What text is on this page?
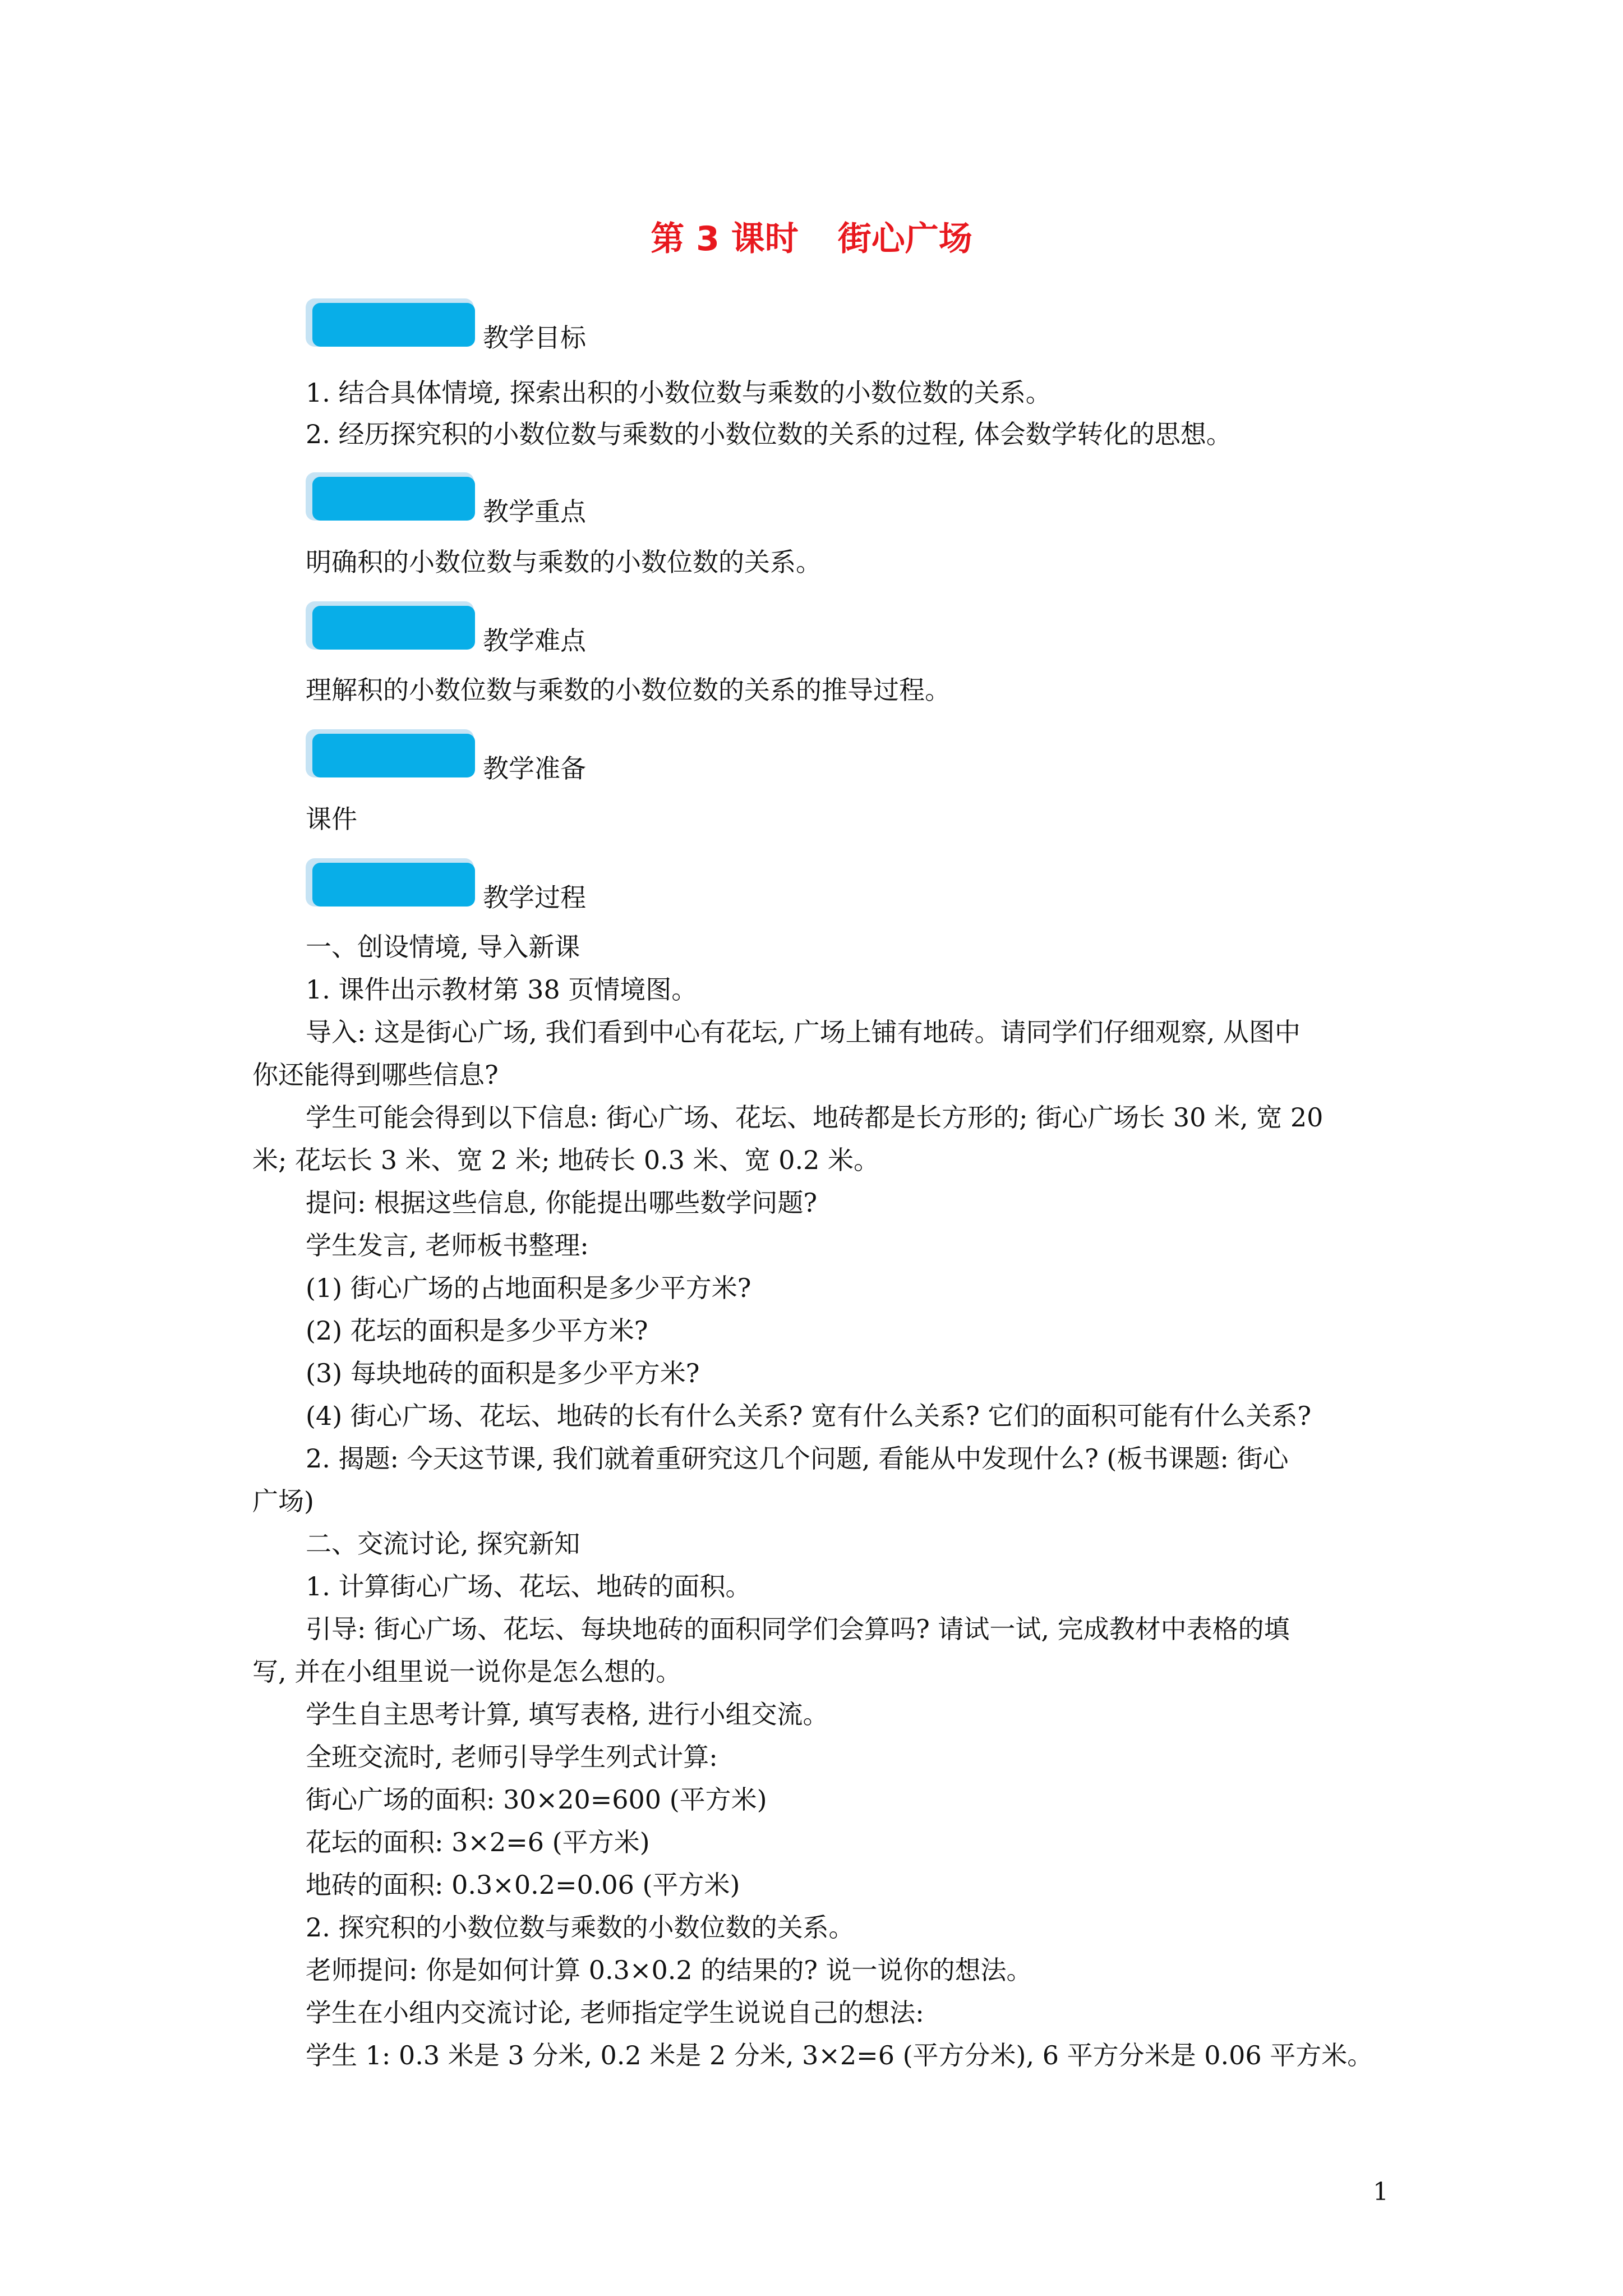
第 3 课时 街心广场
教学目标
1. 结合具体情境, 探索出积的小数位数与乘数的小数位数的关系。
2. 经历探究积的小数位数与乘数的小数位数的关系的过程, 体会数学转化的思想。
教学重点
明确积的小数位数与乘数的小数位数的关系。
教学难点
理解积的小数位数与乘数的小数位数的关系的推导过程。
教学准备
课件
教学过程
一、创设情境, 导入新课
1. 课件出示教材第 38 页情境图。
导入: 这是街心广场, 我们看到中心有花坛, 广场上铺有地砖。请同学们仔细观察, 从图中
你还能得到哪些信息?
学生可能会得到以下信息: 街心广场、花坛、地砖都是长方形的; 街心广场长 30 米, 宽 20
米; 花坛长 3 米、宽 2 米; 地砖长 0.3 米、宽 0.2 米。
提问: 根据这些信息, 你能提出哪些数学问题?
学生发言, 老师板书整理:
(1) 街心广场的占地面积是多少平方米?
(2) 花坛的面积是多少平方米?
(3) 每块地砖的面积是多少平方米?
(4) 街心广场、花坛、地砖的长有什么关系? 宽有什么关系? 它们的面积可能有什么关系?
2. 揭题: 今天这节课, 我们就着重研究这几个问题, 看能从中发现什么? (板书课题: 街心
广场)
二、交流讨论, 探究新知
1. 计算街心广场、花坛、地砖的面积。
引导: 街心广场、花坛、每块地砖的面积同学们会算吗? 请试一试, 完成教材中表格的填
写, 并在小组里说一说你是怎么想的。
学生自主思考计算, 填写表格, 进行小组交流。
全班交流时, 老师引导学生列式计算:
街心广场的面积: 30×20=600 (平方米)
花坛的面积: 3×2=6 (平方米)
地砖的面积: 0.3×0.2=0.06 (平方米)
2. 探究积的小数位数与乘数的小数位数的关系。
老师提问: 你是如何计算 0.3×0.2 的结果的? 说一说你的想法。
学生在小组内交流讨论, 老师指定学生说说自己的想法:
学生 1: 0.3 米是 3 分米, 0.2 米是 2 分米, 3×2=6 (平方分米), 6 平方分米是 0.06 平方米。
1
